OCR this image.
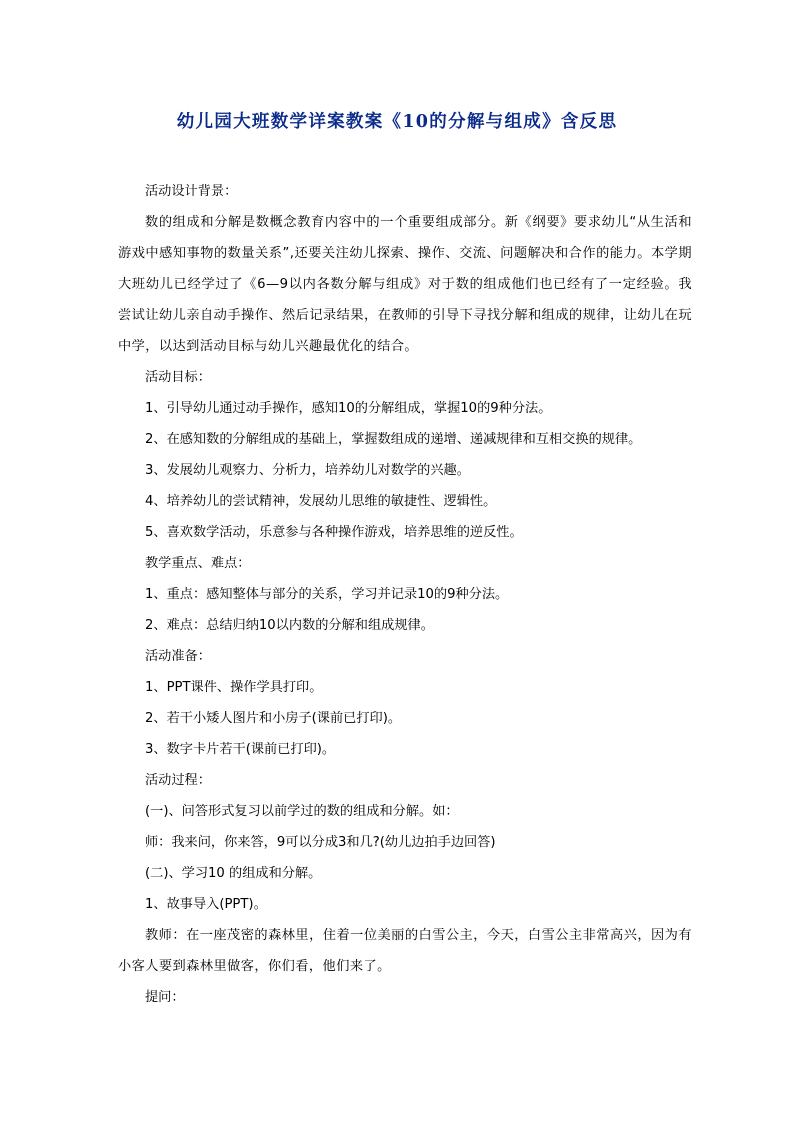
幼儿园大班数学详案教案《10的分解与组成》含反思

活动设计背景：

数的组成和分解是数概念教育内容中的一个重要组成部分。新《纲要》要求幼儿“从生活和游戏中感知事物的数量关系”,还要关注幼儿探索、操作、交流、问题解决和合作的能力。本学期大班幼儿已经学过了《6—9以内各数分解与组成》对于数的组成他们也已经有了一定经验。我尝试让幼儿亲自动手操作、然后记录结果，在教师的引导下寻找分解和组成的规律，让幼儿在玩中学，以达到活动目标与幼儿兴趣最优化的结合。

活动目标：

1、引导幼儿通过动手操作，感知10的分解组成，掌握10的9种分法。

2、在感知数的分解组成的基础上，掌握数组成的递增、递减规律和互相交换的规律。

3、发展幼儿观察力、分析力，培养幼儿对数学的兴趣。

4、培养幼儿的尝试精神，发展幼儿思维的敏捷性、逻辑性。

5、喜欢数学活动，乐意参与各种操作游戏，培养思维的逆反性。

教学重点、难点：

1、重点：感知整体与部分的关系，学习并记录10的9种分法。

2、难点：总结归纳10以内数的分解和组成规律。

活动准备：

1、PPT课件、操作学具打印。

2、若干小矮人图片和小房子(课前已打印)。

3、数字卡片若干(课前已打印)。

活动过程：

(一)、问答形式复习以前学过的数的组成和分解。如：

师：我来问，你来答，9可以分成3和几?(幼儿边拍手边回答)

(二)、学习10 的组成和分解。

1、故事导入(PPT)。

教师：在一座茂密的森林里，住着一位美丽的白雪公主，今天，白雪公主非常高兴，因为有小客人要到森林里做客，你们看，他们来了。

提问：
